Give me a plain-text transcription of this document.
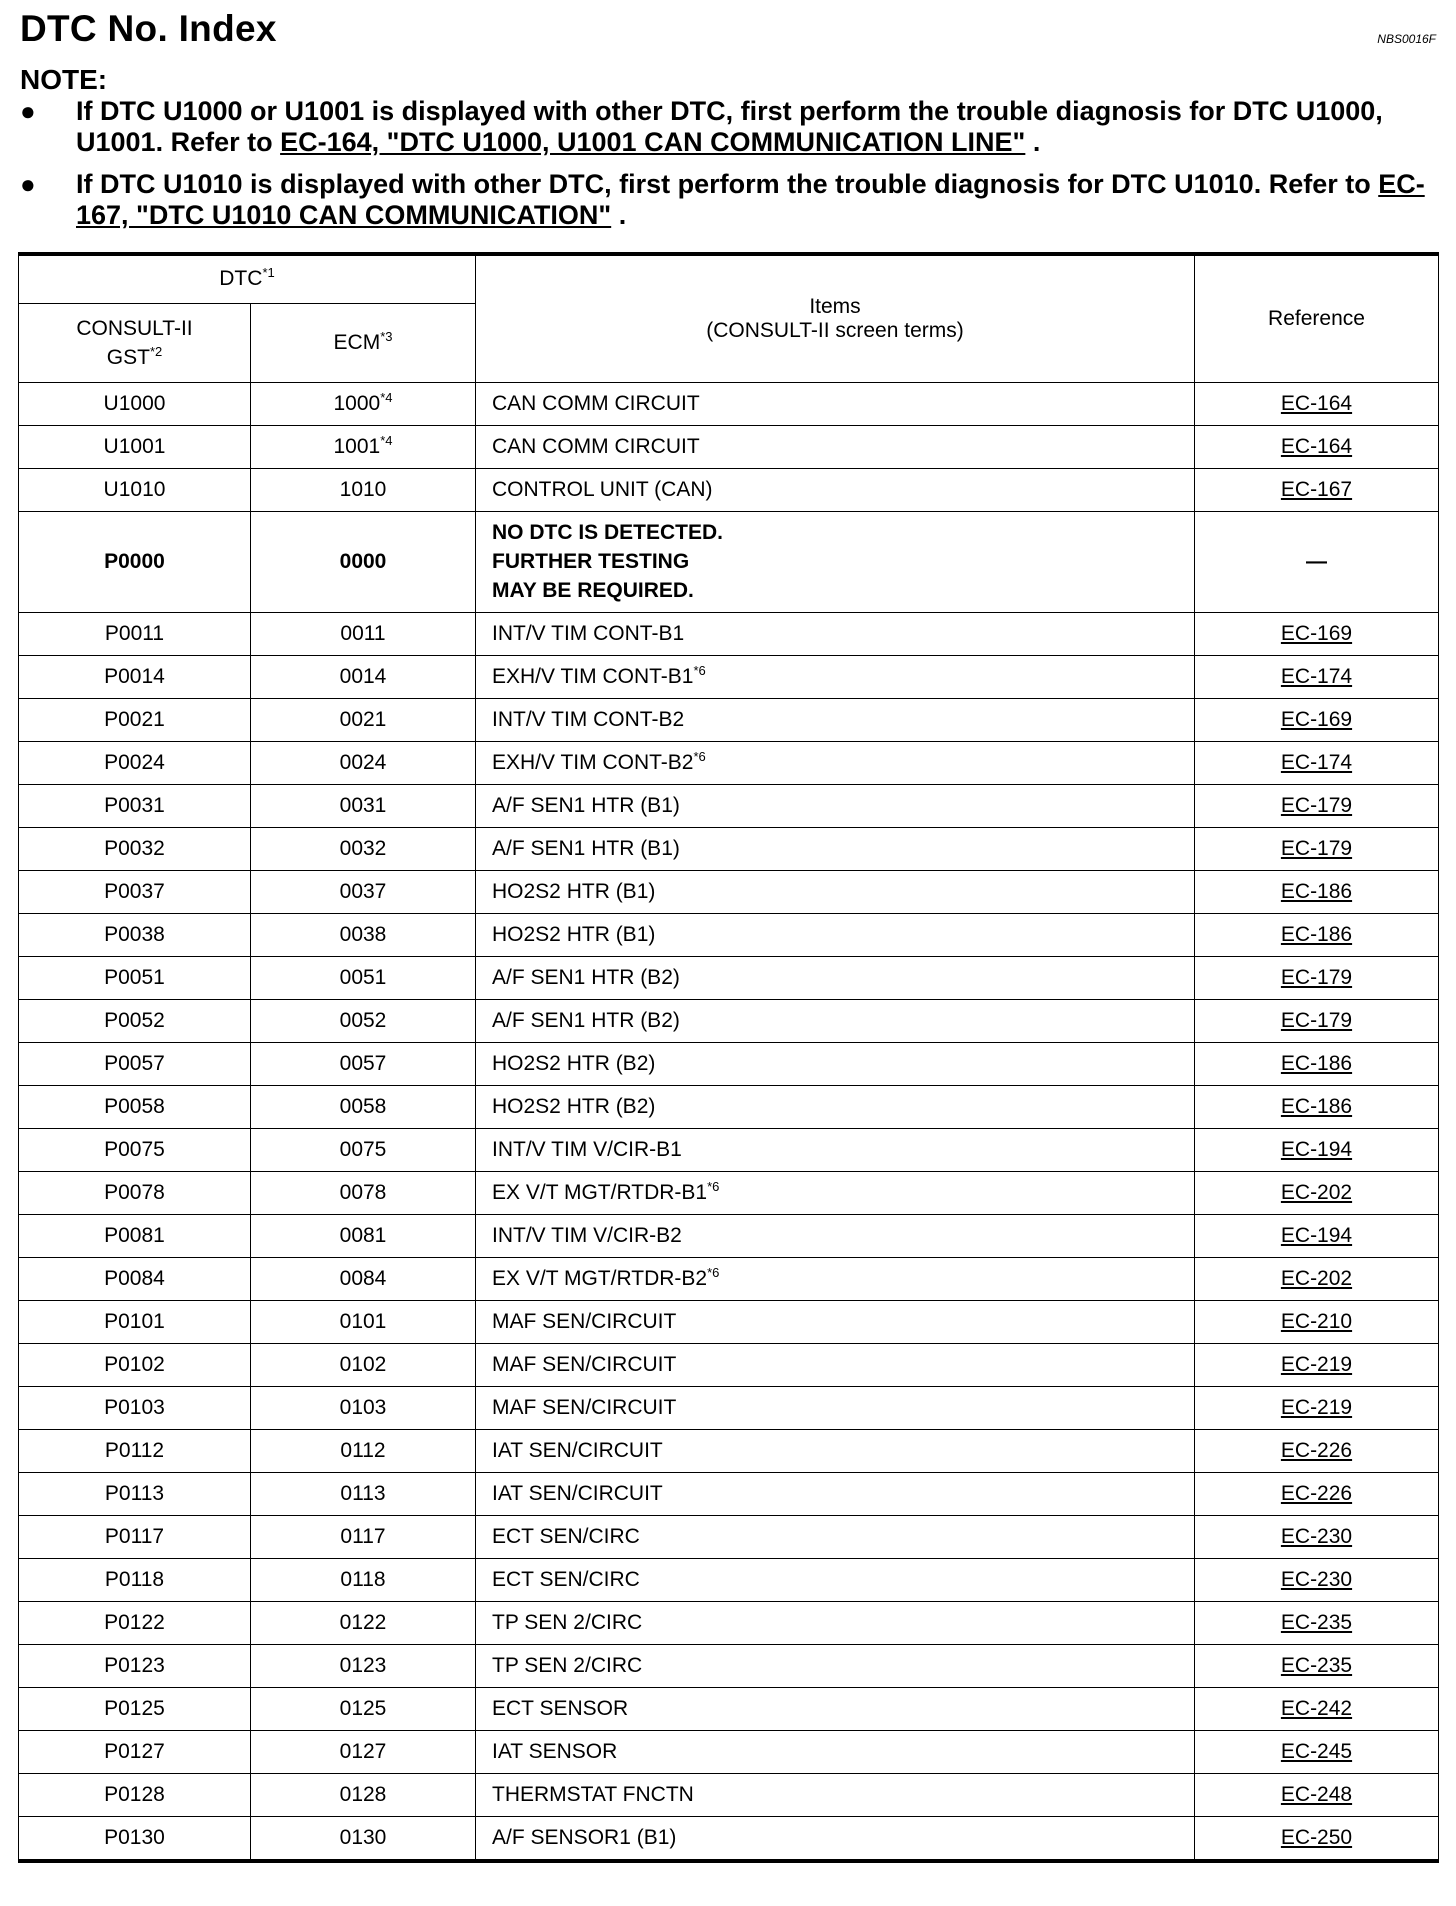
DTC No. Index	NBS0016F
NOTE:
● If DTC U1000 or U1001 is displayed with other DTC, first perform the trouble diagnosis for DTC U1000, U1001. Refer to EC-164, "DTC U1000, U1001 CAN COMMUNICATION LINE" .
● If DTC U1010 is displayed with other DTC, first perform the trouble diagnosis for DTC U1010. Refer to EC-167, "DTC U1010 CAN COMMUNICATION" .
DTC$^{*1}$		Items
(CONSULT-II screen terms)	Reference

CONSULT-II
GST$^{*2}$	ECM$^{*3}$
U1000	1000$^{*4}$	CAN COMM CIRCUIT	EC-164
U1001	1001$^{*4}$	CAN COMM CIRCUIT	EC-164
U1010	1010	CONTROL UNIT (CAN)	EC-167
P0000	0000	NO DTC IS DETECTED.
FURTHER TESTING
MAY BE REQUIRED.	—
P0011	0011	INT/V TIM CONT-B1	EC-169
P0014	0014	EXH/V TIM CONT-B1$^{*6}$	EC-174
P0021	0021	INT/V TIM CONT-B2	EC-169
P0024	0024	EXH/V TIM CONT-B2$^{*6}$	EC-174
P0031	0031	A/F SEN1 HTR (B1)	EC-179
P0032	0032	A/F SEN1 HTR (B1)	EC-179
P0037	0037	HO2S2 HTR (B1)	EC-186
P0038	0038	HO2S2 HTR (B1)	EC-186
P0051	0051	A/F SEN1 HTR (B2)	EC-179
P0052	0052	A/F SEN1 HTR (B2)	EC-179
P0057	0057	HO2S2 HTR (B2)	EC-186
P0058	0058	HO2S2 HTR (B2)	EC-186
P0075	0075	INT/V TIM V/CIR-B1	EC-194
P0078	0078	EX V/T MGT/RTDR-B1$^{*6}$	EC-202
P0081	0081	INT/V TIM V/CIR-B2	EC-194
P0084	0084	EX V/T MGT/RTDR-B2$^{*6}$	EC-202
P0101	0101	MAF SEN/CIRCUIT	EC-210
P0102	0102	MAF SEN/CIRCUIT	EC-219
P0103	0103	MAF SEN/CIRCUIT	EC-219
P0112	0112	IAT SEN/CIRCUIT	EC-226
P0113	0113	IAT SEN/CIRCUIT	EC-226
P0117	0117	ECT SEN/CIRC	EC-230
P0118	0118	ECT SEN/CIRC	EC-230
P0122	0122	TP SEN 2/CIRC	EC-235
P0123	0123	TP SEN 2/CIRC	EC-235
P0125	0125	ECT SENSOR	EC-242
P0127	0127	IAT SENSOR	EC-245
P0128	0128	THERMSTAT FNCTN	EC-248
P0130	0130	A/F SENSOR1 (B1)	EC-250
